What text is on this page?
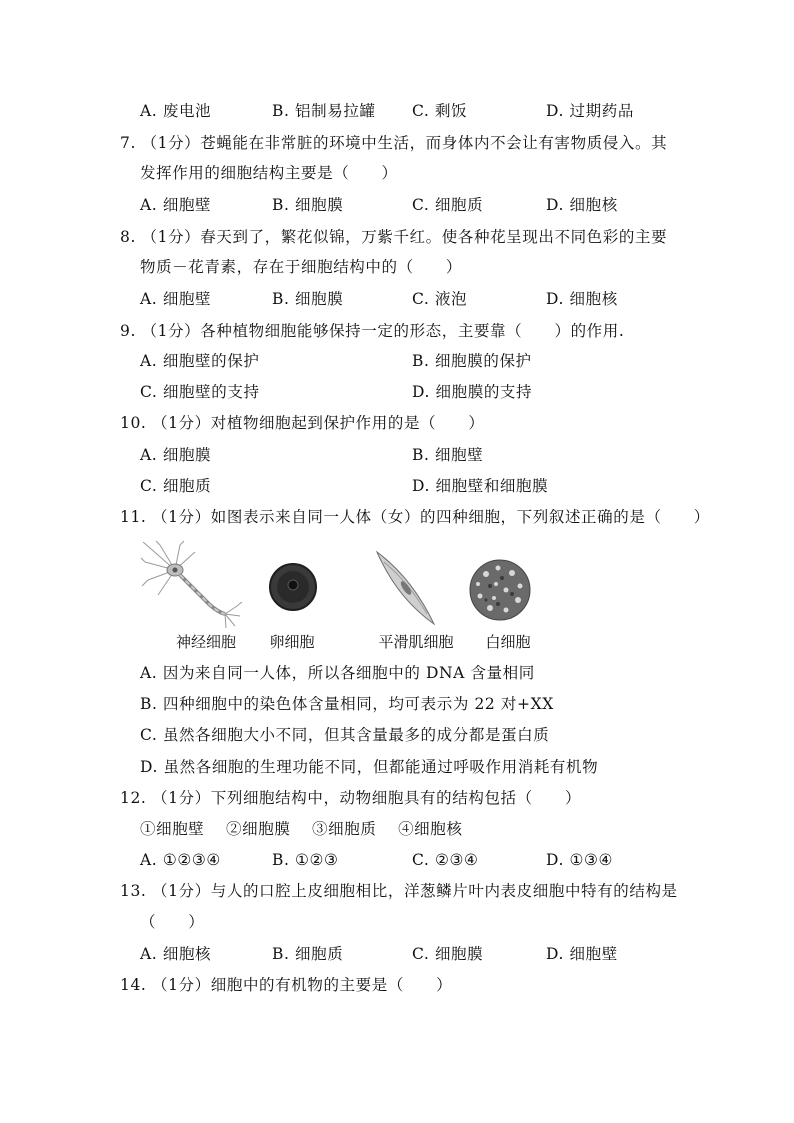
A. 废电池	B. 铝制易拉罐 C. 剩饭	D. 过期药品
7. （1分）苍蝇能在非常脏的环境中生活，而身体内不会让有害物质侵入。其
发挥作用的细胞结构主要是（　　）
A. 细胞壁	B. 细胞膜	C. 细胞质	D. 细胞核
8. （1分）春天到了，繁花似锦，万紫千红。使各种花呈现出不同色彩的主要
物质－花青素，存在于细胞结构中的（　　）
A. 细胞壁	B. 细胞膜	C. 液泡	D. 细胞核
9. （1分）各种植物细胞能够保持一定的形态，主要靠（　　）的作用.
A. 细胞壁的保护	B. 细胞膜的保护
C. 细胞壁的支持	D. 细胞膜的支持
10. （1分）对植物细胞起到保护作用的是（　　）
A. 细胞膜	B. 细胞壁
C. 细胞质	D. 细胞壁和细胞膜
11. （1分）如图表示来自同一人体（女）的四种细胞，下列叙述正确的是（　　）
神经细胞	卵细胞	平滑肌细胞	白细胞
A. 因为来自同一人体，所以各细胞中的 DNA 含量相同
B. 四种细胞中的染色体含量相同，均可表示为 22 对+XX
C. 虽然各细胞大小不同，但其含量最多的成分都是蛋白质
D. 虽然各细胞的生理功能不同，但都能通过呼吸作用消耗有机物
12. （1分）下列细胞结构中，动物细胞具有的结构包括（　　）
①细胞壁　 ②细胞膜　 ③细胞质　 ④细胞核
A. ①②③④	B. ①②③	C. ②③④	D. ①③④
13. （1分）与人的口腔上皮细胞相比，洋葱鳞片叶内表皮细胞中特有的结构是
（　　）
A. 细胞核	B. 细胞质	C. 细胞膜	D. 细胞壁
14. （1分）细胞中的有机物的主要是（　　）
